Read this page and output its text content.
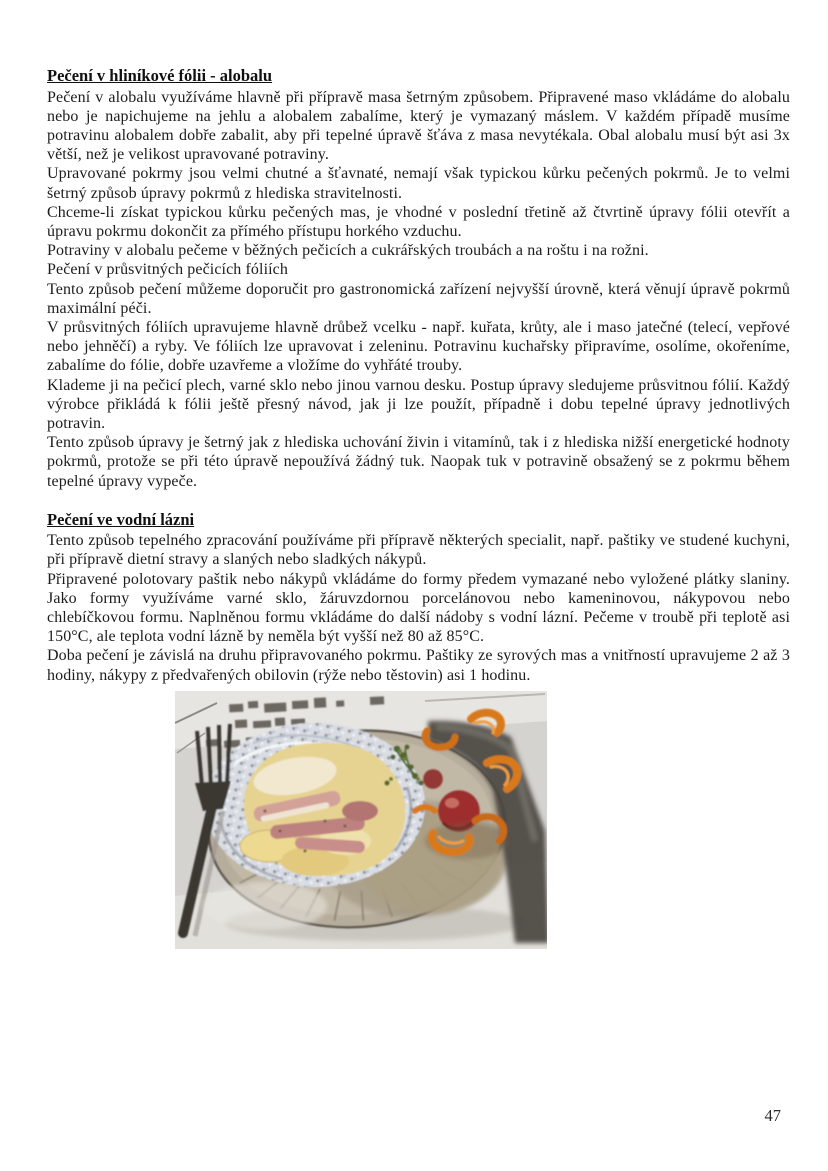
Pečení v hliníkové fólii - alobalu

Pečení v alobalu využíváme hlavně při přípravě masa šetrným způsobem. Připravené maso vkládáme do alobalu nebo je napichujeme na jehlu a alobalem zabalíme, který je vymazaný máslem. V každém případě musíme potravinu alobalem dobře zabalit, aby při tepelné úpravě šťáva z masa nevytékala. Obal alobalu musí být asi 3x větší, než je velikost upravované potraviny.

Upravované pokrmy jsou velmi chutné a šťavnaté, nemají však typickou kůrku pečených pokrmů. Je to velmi šetrný způsob úpravy pokrmů z hlediska stravitelnosti.

Chceme-li získat typickou kůrku pečených mas, je vhodné v poslední třetině až čtvrtině úpravy fólii otevřít a úpravu pokrmu dokončit za přímého přístupu horkého vzduchu.

Potraviny v alobalu pečeme v běžných pečicích a cukrářských troubách a na roštu i na rožni.

Pečení v průsvitných pečicích fóliích

Tento způsob pečení můžeme doporučit pro gastronomická zařízení nejvyšší úrovně, která věnují úpravě pokrmů maximální péči.

V průsvitných fóliích upravujeme hlavně drůbež vcelku - např. kuřata, krůty, ale i maso jatečné (telecí, vepřové nebo jehněčí) a ryby. Ve fóliích lze upravovat i zeleninu. Potravinu kuchařsky připravíme, osolíme, okořeníme, zabalíme do fólie, dobře uzavřeme a vložíme do vyhřáté trouby.

Klademe ji na pečicí plech, varné sklo nebo jinou varnou desku. Postup úpravy sledujeme průsvitnou fólií. Každý výrobce přikládá k fólii ještě přesný návod, jak ji lze použít, případně i dobu tepelné úpravy jednotlivých potravin.

Tento způsob úpravy je šetrný jak z hlediska uchování živin i vitamínů, tak i z hlediska nižší energetické hodnoty pokrmů, protože se při této úpravě nepoužívá žádný tuk. Naopak tuk v potravině obsažený se z pokrmu během tepelné úpravy vypeče.

Pečení ve vodní lázni

Tento způsob tepelného zpracování používáme při přípravě některých specialit, např. paštiky ve studené kuchyni, při přípravě dietní stravy a slaných nebo sladkých nákypů.

Připravené polotovary paštik nebo nákypů vkládáme do formy předem vymazané nebo vyložené plátky slaniny. Jako formy využíváme varné sklo, žáruvzdornou porcelánovou nebo kameninovou, nákypovou nebo chlebíčkovou formu. Naplněnou formu vkládáme do další nádoby s vodní lázní. Pečeme v troubě při teplotě asi 150°C, ale teplota vodní lázně by neměla být vyšší než 80 až 85°C.

Doba pečení je závislá na druhu připravovaného pokrmu. Paštiky ze syrových mas a vnitřností upravujeme 2 až 3 hodiny, nákypy z předvařených obilovin (rýže nebo těstovin) asi 1 hodinu.

47
